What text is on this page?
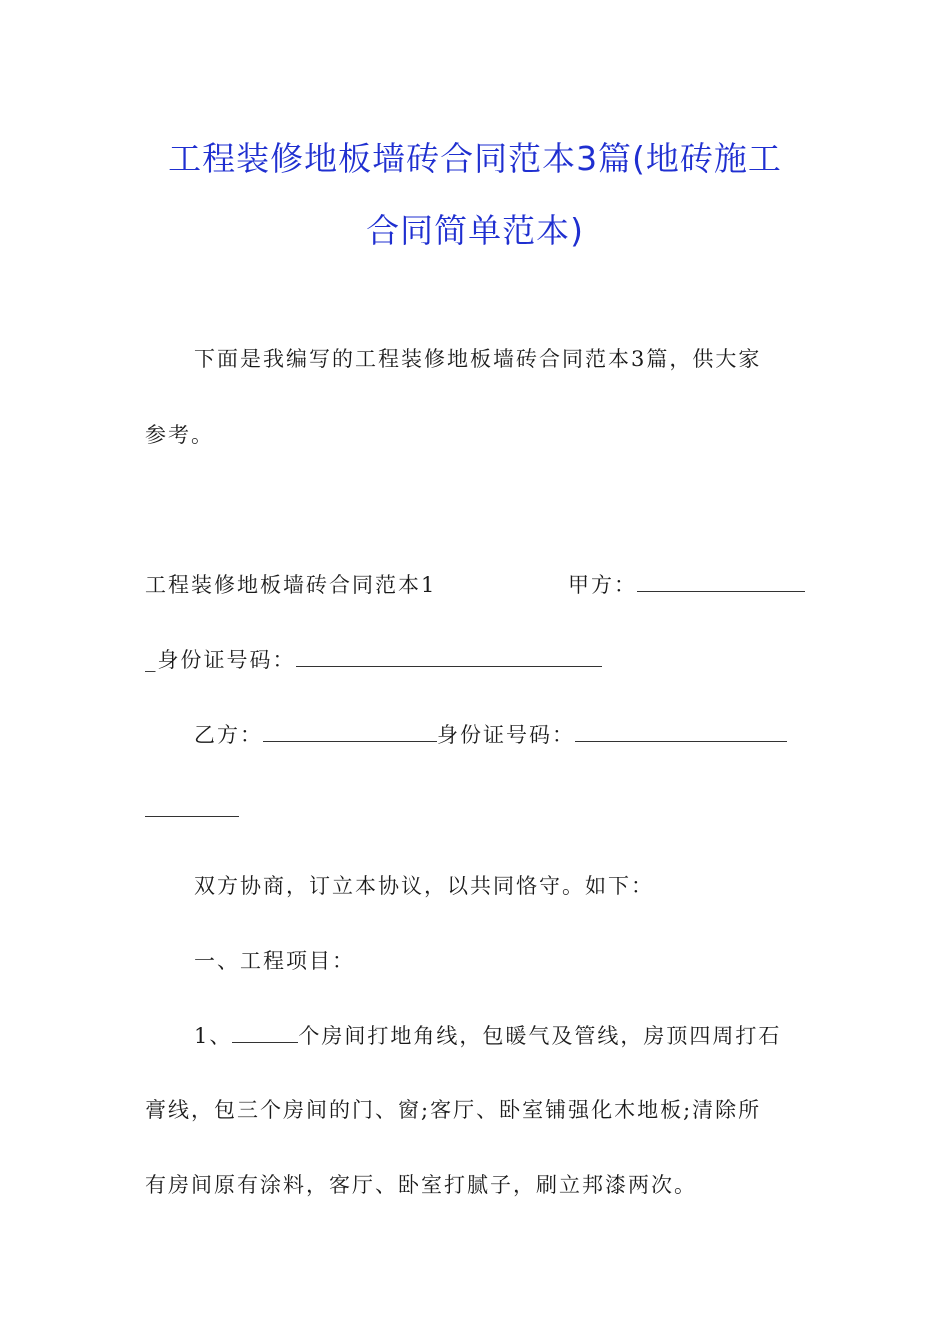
工程装修地板墙砖合同范本3篇(地砖施工
合同简单范本)
下面是我编写的工程装修地板墙砖合同范本3篇，供大家
参考。
工程装修地板墙砖合同范本1	甲方：
_身份证号码：
乙方：	身份证号码：
双方协商，订立本协议，以共同恪守。如下：
一、工程项目：
1、	个房间打地角线，包暖气及管线，房顶四周打石
膏线，包三个房间的门、窗;客厅、卧室铺强化木地板;清除所
有房间原有涂料，客厅、卧室打腻子，刷立邦漆两次。
